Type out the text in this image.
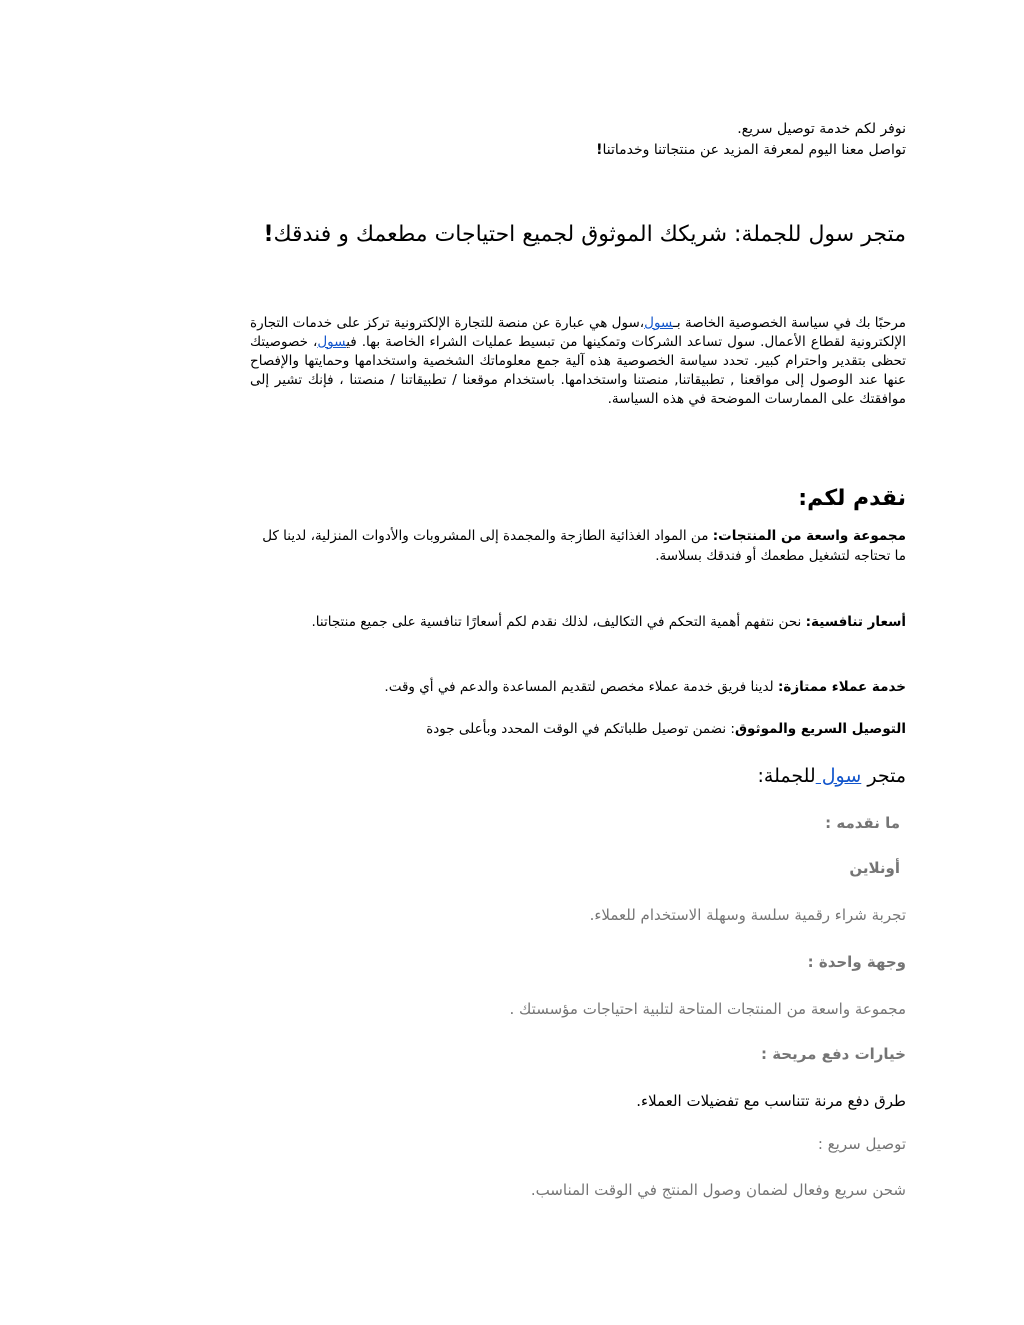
نوفر لكم خدمة توصيل سريع.
تواصل معنا اليوم لمعرفة المزيد عن منتجاتنا وخدماتنا!
متجر سول للجملة: شريكك الموثوق لجميع احتياجات مطعمك و فندقك!

مرحبًا بك في سياسة الخصوصية الخاصة بـسول،سول هي عبارة عن منصة للتجارة الإلكترونية تركز على خدمات التجارة الإلكترونية لقطاع الأعمال. سول تساعد الشركات وتمكينها من تبسيط عمليات الشراء الخاصة بها. فيسول، خصوصيتك تحظى بتقدير واحترام كبير. تحدد سياسة الخصوصية هذه آلية جمع معلوماتك الشخصية واستخدامها وحمايتها والإفصاح عنها عند الوصول إلى مواقعنا , تطبيقاتنا, منصتنا واستخدامها. باستخدام موقعنا / تطبيقاتنا / منصتنا ، فإنك تشير إلى موافقتك على الممارسات الموضحة في هذه السياسة.

نقدم لكم:

مجموعة واسعة من المنتجات: من المواد الغذائية الطازجة والمجمدة إلى المشروبات والأدوات المنزلية، لدينا كل ما تحتاجه لتشغيل مطعمك أو فندقك بسلاسة.

أسعار تنافسية: نحن نتفهم أهمية التحكم في التكاليف، لذلك نقدم لكم أسعارًا تنافسية على جميع منتجاتنا.

خدمة عملاء ممتازة: لدينا فريق خدمة عملاء مخصص لتقديم المساعدة والدعم في أي وقت.

التوصيل السريع والموثوق: نضمن توصيل طلباتكم في الوقت المحدد وبأعلى جودة

متجر سول للجملة:
ما نقدمه :
أونلاين
تجربة شراء رقمية سلسة وسهلة الاستخدام للعملاء.
وجهة واحدة :
مجموعة واسعة من المنتجات المتاحة لتلبية احتياجات مؤسستك .
خيارات دفع مريحة :
طرق دفع مرنة تتناسب مع تفضيلات العملاء.
توصيل سريع :
شحن سريع وفعال لضمان وصول المنتج في الوقت المناسب.
